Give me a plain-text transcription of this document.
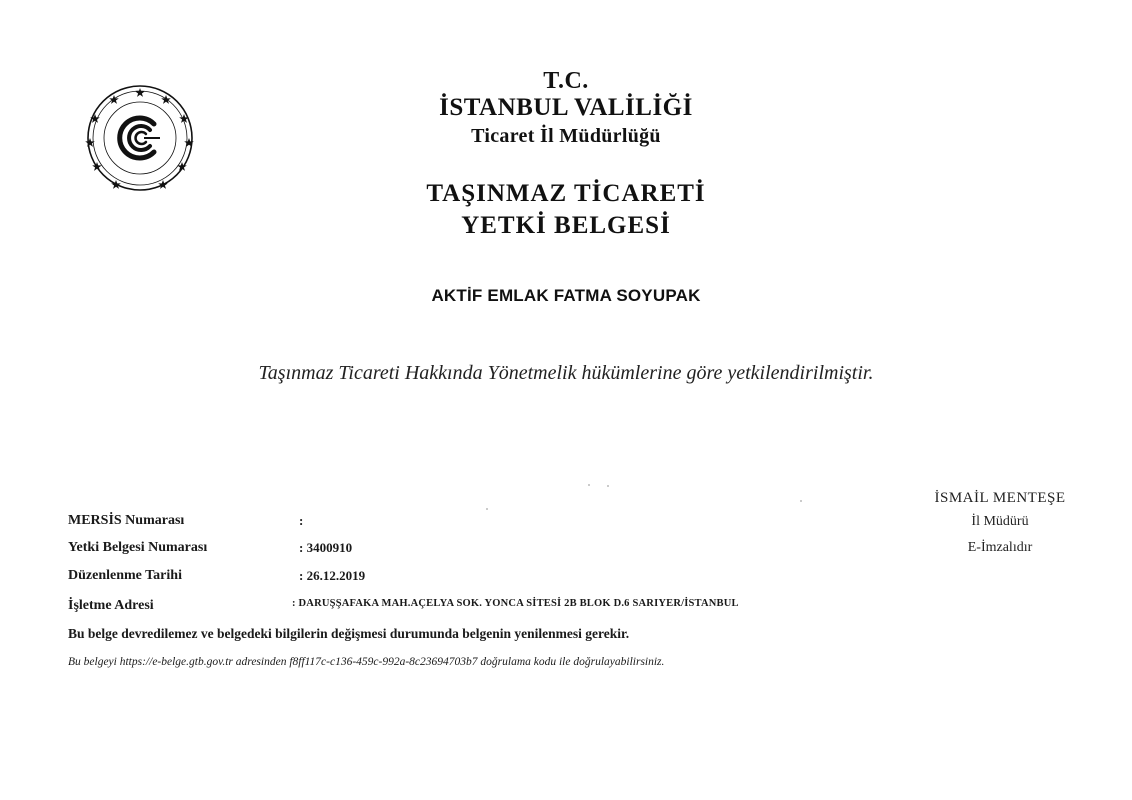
T.C.
İSTANBUL VALİLİĞİ
Ticaret İl Müdürlüğü
TAŞINMAZ TİCARETİ
YETKİ BELGESİ
AKTİF EMLAK FATMA SOYUPAK
Taşınmaz Ticareti Hakkında Yönetmelik hükümlerine göre yetkilendirilmiştir.
İSMAİL MENTEŞE
İl Müdürü
E-İmzalıdır
MERSİS Numarası	:
Yetki Belgesi Numarası	: 3400910
Düzenlenme Tarihi	: 26.12.2019
İşletme Adresi	: DARUŞŞAFAKA MAH.AÇELYA SOK. YONCA SİTESİ 2B BLOK D.6 SARIYER/İSTANBUL
Bu belge devredilemez ve belgedeki bilgilerin değişmesi durumunda belgenin yenilenmesi gerekir.
Bu belgeyi https://e-belge.gtb.gov.tr adresinden f8ff117c-c136-459c-992a-8c23694703b7 doğrulama kodu ile doğrulayabilirsiniz.
